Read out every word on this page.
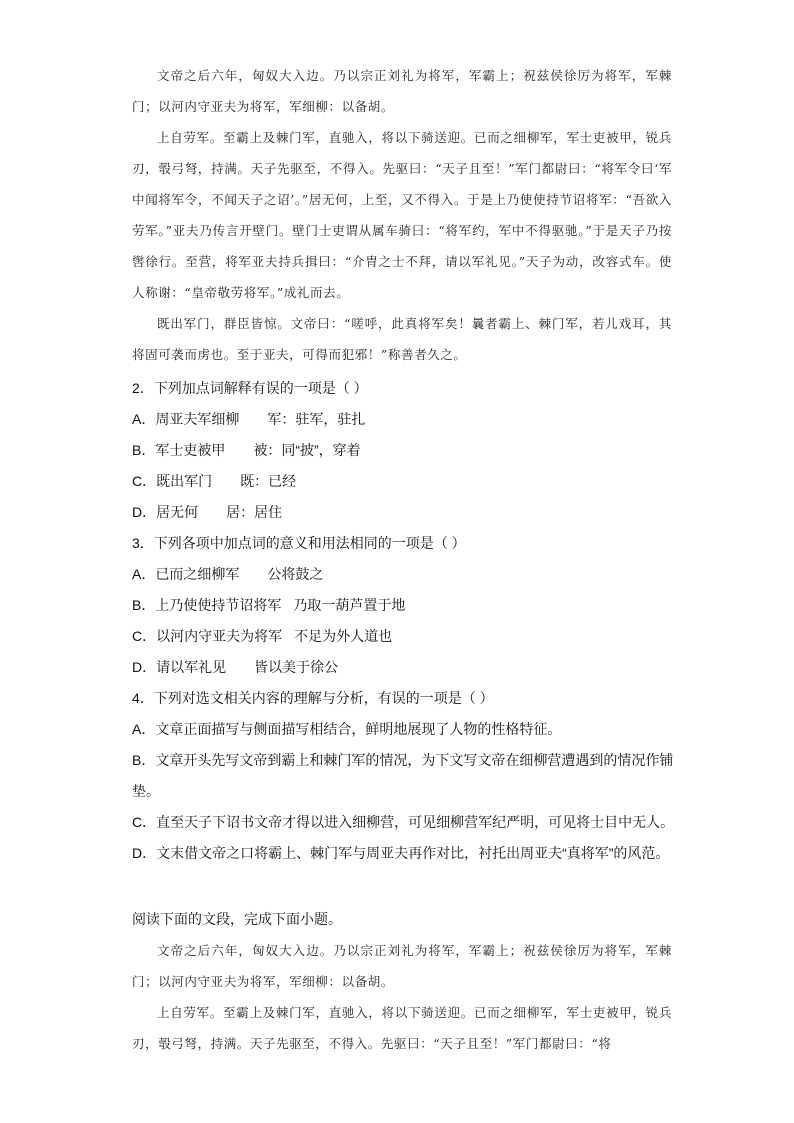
文帝之后六年，匈奴大入边。乃以宗正刘礼为将军，军霸上；祝兹侯徐厉为将军，军棘门；以河内守亚夫为将军，军细柳：以备胡。

上自劳军。至霸上及棘门军，直驰入，将以下骑送迎。已而之细柳军，军士吏被甲，锐兵刃，彀弓弩，持满。天子先驱至，不得入。先驱曰：“天子且至！”军门都尉曰：“将军令曰‘军中闻将军令，不闻天子之诏’。”居无何，上至，又不得入。于是上乃使使持节诏将军：“吾欲入劳军。”亚夫乃传言开壁门。壁门士吏谓从属车骑曰：“将军约，军中不得驱驰。”于是天子乃按辔徐行。至营，将军亚夫持兵揖曰：“介胄之士不拜，请以军礼见。”天子为动，改容式车。使人称谢：“皇帝敬劳将军。”成礼而去。

既出军门，群臣皆惊。文帝曰：“嗟呼，此真将军矣！曩者霸上、棘门军，若儿戏耳，其将固可袭而虏也。至于亚夫，可得而犯邪！”称善者久之。

2．下列加点词解释有误的一项是（ ）
A．周亚夫军细柳 军：驻军，驻扎
B．军士吏被甲 被：同“披”，穿着
C．既出军门 既：已经
D．居无何 居：居住
3．下列各项中加点词的意义和用法相同的一项是（ ）
A．已而之细柳军 公将鼓之
B．上乃使使持节诏将军 乃取一葫芦置于地
C．以河内守亚夫为将军 不足为外人道也
D．请以军礼见 皆以美于徐公
4．下列对选文相关内容的理解与分析，有误的一项是（ ）
A．文章正面描写与侧面描写相结合，鲜明地展现了人物的性格特征。
B．文章开头先写文帝到霸上和棘门军的情况，为下文写文帝在细柳营遭遇到的情况作铺垫。
C．直至天子下诏书文帝才得以进入细柳营，可见细柳营军纪严明，可见将士目中无人。
D．文末借文帝之口将霸上、棘门军与周亚夫再作对比，衬托出周亚夫“真将军”的风范。
阅读下面的文段，完成下面小题。

文帝之后六年，匈奴大入边。乃以宗正刘礼为将军，军霸上；祝兹侯徐厉为将军，军棘门；以河内守亚夫为将军，军细柳：以备胡。

上自劳军。至霸上及棘门军，直驰入，将以下骑送迎。已而之细柳军，军士吏被甲，锐兵刃，彀弓弩，持满。天子先驱至，不得入。先驱曰：“天子且至！”军门都尉曰：“将
